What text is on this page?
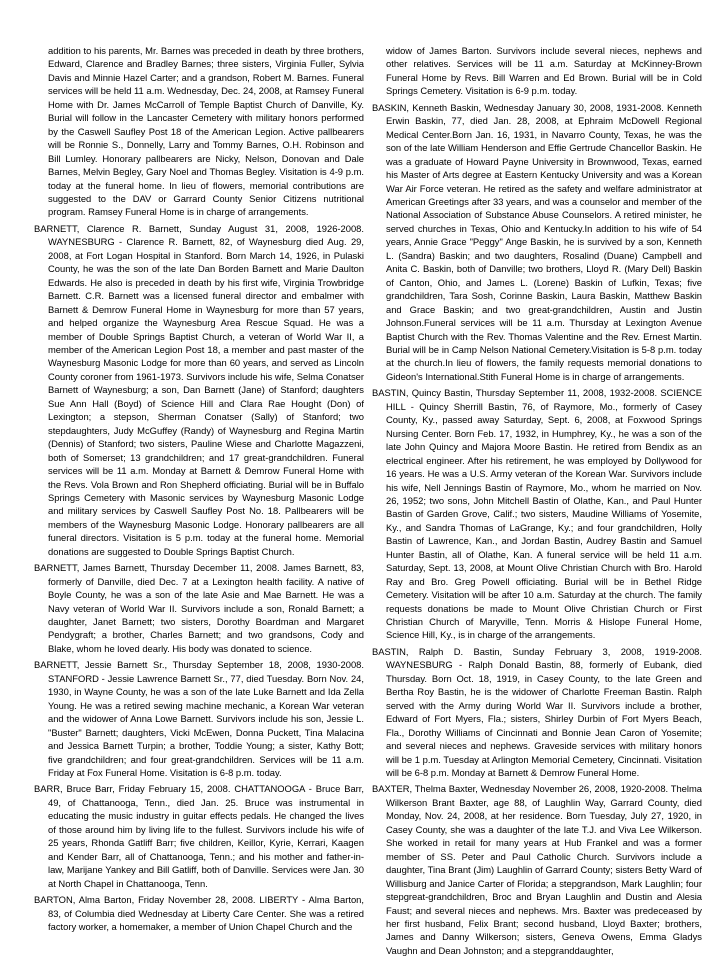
addition to his parents, Mr. Barnes was preceded in death by three brothers, Edward, Clarence and Bradley Barnes; three sisters, Virginia Fuller, Sylvia Davis and Minnie Hazel Carter; and a grandson, Robert M. Barnes. Funeral services will be held 11 a.m. Wednesday, Dec. 24, 2008, at Ramsey Funeral Home with Dr. James McCarroll of Temple Baptist Church of Danville, Ky. Burial will follow in the Lancaster Cemetery with military honors performed by the Caswell Saufley Post 18 of the American Legion. Active pallbearers will be Ronnie S., Donnelly, Larry and Tommy Barnes, O.H. Robinson and Bill Lumley. Honorary pallbearers are Nicky, Nelson, Donovan and Dale Barnes, Melvin Begley, Gary Noel and Thomas Begley. Visitation is 4-9 p.m. today at the funeral home. In lieu of flowers, memorial contributions are suggested to the DAV or Garrard County Senior Citizens nutritional program. Ramsey Funeral Home is in charge of arrangements.

BARNETT, Clarence R. Barnett, Sunday August 31, 2008, 1926-2008. WAYNESBURG - Clarence R. Barnett, 82, of Waynesburg died Aug. 29, 2008, at Fort Logan Hospital in Stanford. Born March 14, 1926, in Pulaski County, he was the son of the late Dan Borden Barnett and Marie Daulton Edwards. He also is preceded in death by his first wife, Virginia Trowbridge Barnett. C.R. Barnett was a licensed funeral director and embalmer with Barnett & Demrow Funeral Home in Waynesburg for more than 57 years, and helped organize the Waynesburg Area Rescue Squad. He was a member of Double Springs Baptist Church, a veteran of World War II, a member of the American Legion Post 18, a member and past master of the Waynesburg Masonic Lodge for more than 60 years, and served as Lincoln County coroner from 1961-1973. Survivors include his wife, Selma Conatser Barnett of Waynesburg; a son, Dan Barnett (Jane) of Stanford; daughters Sue Ann Hall (Boyd) of Science Hill and Clara Rae Hought (Don) of Lexington; a stepson, Sherman Conatser (Sally) of Stanford; two stepdaughters, Judy McGuffey (Randy) of Waynesburg and Regina Martin (Dennis) of Stanford; two sisters, Pauline Wiese and Charlotte Magazzeni, both of Somerset; 13 grandchildren; and 17 great-grandchildren. Funeral services will be 11 a.m. Monday at Barnett & Demrow Funeral Home with the Revs. Vola Brown and Ron Shepherd officiating. Burial will be in Buffalo Springs Cemetery with Masonic services by Waynesburg Masonic Lodge and military services by Caswell Saufley Post No. 18. Pallbearers will be members of the Waynesburg Masonic Lodge. Honorary pallbearers are all funeral directors. Visitation is 5 p.m. today at the funeral home. Memorial donations are suggested to Double Springs Baptist Church.

BARNETT, James Barnett, Thursday December 11, 2008. James Barnett, 83, formerly of Danville, died Dec. 7 at a Lexington health facility. A native of Boyle County, he was a son of the late Asie and Mae Barnett. He was a Navy veteran of World War II. Survivors include a son, Ronald Barnett; a daughter, Janet Barnett; two sisters, Dorothy Boardman and Margaret Pendygraft; a brother, Charles Barnett; and two grandsons, Cody and Blake, whom he loved dearly. His body was donated to science.

BARNETT, Jessie Barnett Sr., Thursday September 18, 2008, 1930-2008. STANFORD - Jessie Lawrence Barnett Sr., 77, died Tuesday. Born Nov. 24, 1930, in Wayne County, he was a son of the late Luke Barnett and Ida Zella Young. He was a retired sewing machine mechanic, a Korean War veteran and the widower of Anna Lowe Barnett. Survivors include his son, Jessie L. "Buster" Barnett; daughters, Vicki McEwen, Donna Puckett, Tina Malacina and Jessica Barnett Turpin; a brother, Toddie Young; a sister, Kathy Bott; five grandchildren; and four great-grandchildren. Services will be 11 a.m. Friday at Fox Funeral Home. Visitation is 6-8 p.m. today.

BARR, Bruce Barr, Friday February 15, 2008. CHATTANOOGA - Bruce Barr, 49, of Chattanooga, Tenn., died Jan. 25. Bruce was instrumental in educating the music industry in guitar effects pedals. He changed the lives of those around him by living life to the fullest. Survivors include his wife of 25 years, Rhonda Gatliff Barr; five children, Keillor, Kyrie, Kerrari, Kaagen and Kender Barr, all of Chattanooga, Tenn.; and his mother and father-in-law, Marijane Yankey and Bill Gatliff, both of Danville. Services were Jan. 30 at North Chapel in Chattanooga, Tenn.

BARTON, Alma Barton, Friday November 28, 2008. LIBERTY - Alma Barton, 83, of Columbia died Wednesday at Liberty Care Center. She was a retired factory worker, a homemaker, a member of Union Chapel Church and the

widow of James Barton. Survivors include several nieces, nephews and other relatives. Services will be 11 a.m. Saturday at McKinney-Brown Funeral Home by Revs. Bill Warren and Ed Brown. Burial will be in Cold Springs Cemetery. Visitation is 6-9 p.m. today.

BASKIN, Kenneth Baskin, Wednesday January 30, 2008, 1931-2008. Kenneth Erwin Baskin, 77, died Jan. 28, 2008, at Ephraim McDowell Regional Medical Center.Born Jan. 16, 1931, in Navarro County, Texas, he was the son of the late William Henderson and Effie Gertrude Chancellor Baskin. He was a graduate of Howard Payne University in Brownwood, Texas, earned his Master of Arts degree at Eastern Kentucky University and was a Korean War Air Force veteran. He retired as the safety and welfare administrator at American Greetings after 33 years, and was a counselor and member of the National Association of Substance Abuse Counselors. A retired minister, he served churches in Texas, Ohio and Kentucky.In addition to his wife of 54 years, Annie Grace "Peggy" Ange Baskin, he is survived by a son, Kenneth L. (Sandra) Baskin; and two daughters, Rosalind (Duane) Campbell and Anita C. Baskin, both of Danville; two brothers, Lloyd R. (Mary Dell) Baskin of Canton, Ohio, and James L. (Lorene) Baskin of Lufkin, Texas; five grandchildren, Tara Sosh, Corinne Baskin, Laura Baskin, Matthew Baskin and Grace Baskin; and two great-grandchildren, Austin and Justin Johnson.Funeral services will be 11 a.m. Thursday at Lexington Avenue Baptist Church with the Rev. Thomas Valentine and the Rev. Ernest Martin. Burial will be in Camp Nelson National Cemetery.Visitation is 5-8 p.m. today at the church.In lieu of flowers, the family requests memorial donations to Gideon's International.Stith Funeral Home is in charge of arrangements.

BASTIN, Quincy Bastin, Thursday September 11, 2008, 1932-2008. SCIENCE HILL - Quincy Sherrill Bastin, 76, of Raymore, Mo., formerly of Casey County, Ky., passed away Saturday, Sept. 6, 2008, at Foxwood Springs Nursing Center. Born Feb. 17, 1932, in Humphrey, Ky., he was a son of the late John Quincy and Majora Moore Bastin. He retired from Bendix as an electrical engineer. After his retirement, he was employed by Dollywood for 16 years. He was a U.S. Army veteran of the Korean War. Survivors include his wife, Nell Jennings Bastin of Raymore, Mo., whom he married on Nov. 26, 1952; two sons, John Mitchell Bastin of Olathe, Kan., and Paul Hunter Bastin of Garden Grove, Calif.; two sisters, Maudine Williams of Yosemite, Ky., and Sandra Thomas of LaGrange, Ky.; and four grandchildren, Holly Bastin of Lawrence, Kan., and Jordan Bastin, Audrey Bastin and Samuel Hunter Bastin, all of Olathe, Kan. A funeral service will be held 11 a.m. Saturday, Sept. 13, 2008, at Mount Olive Christian Church with Bro. Harold Ray and Bro. Greg Powell officiating. Burial will be in Bethel Ridge Cemetery. Visitation will be after 10 a.m. Saturday at the church. The family requests donations be made to Mount Olive Christian Church or First Christian Church of Maryville, Tenn. Morris & Hislope Funeral Home, Science Hill, Ky., is in charge of the arrangements.

BASTIN, Ralph D. Bastin, Sunday February 3, 2008, 1919-2008. WAYNESBURG - Ralph Donald Bastin, 88, formerly of Eubank, died Thursday. Born Oct. 18, 1919, in Casey County, to the late Green and Bertha Roy Bastin, he is the widower of Charlotte Freeman Bastin. Ralph served with the Army during World War II. Survivors include a brother, Edward of Fort Myers, Fla.; sisters, Shirley Durbin of Fort Myers Beach, Fla., Dorothy Williams of Cincinnati and Bonnie Jean Caron of Yosemite; and several nieces and nephews. Graveside services with military honors will be 1 p.m. Tuesday at Arlington Memorial Cemetery, Cincinnati. Visitation will be 6-8 p.m. Monday at Barnett & Demrow Funeral Home.

BAXTER, Thelma Baxter, Wednesday November 26, 2008, 1920-2008. Thelma Wilkerson Brant Baxter, age 88, of Laughlin Way, Garrard County, died Monday, Nov. 24, 2008, at her residence. Born Tuesday, July 27, 1920, in Casey County, she was a daughter of the late T.J. and Viva Lee Wilkerson. She worked in retail for many years at Hub Frankel and was a former member of SS. Peter and Paul Catholic Church. Survivors include a daughter, Tina Brant (Jim) Laughlin of Garrard County; sisters Betty Ward of Willisburg and Janice Carter of Florida; a stepgrandson, Mark Laughlin; four stepgreat-grandchildren, Broc and Bryan Laughlin and Dustin and Alesia Faust; and several nieces and nephews. Mrs. Baxter was predeceased by her first husband, Felix Brant; second husband, Lloyd Baxter; brothers, James and Danny Wilkerson; sisters, Geneva Owens, Emma Gladys Vaughn and Dean Johnston; and a stepgranddaughter,
